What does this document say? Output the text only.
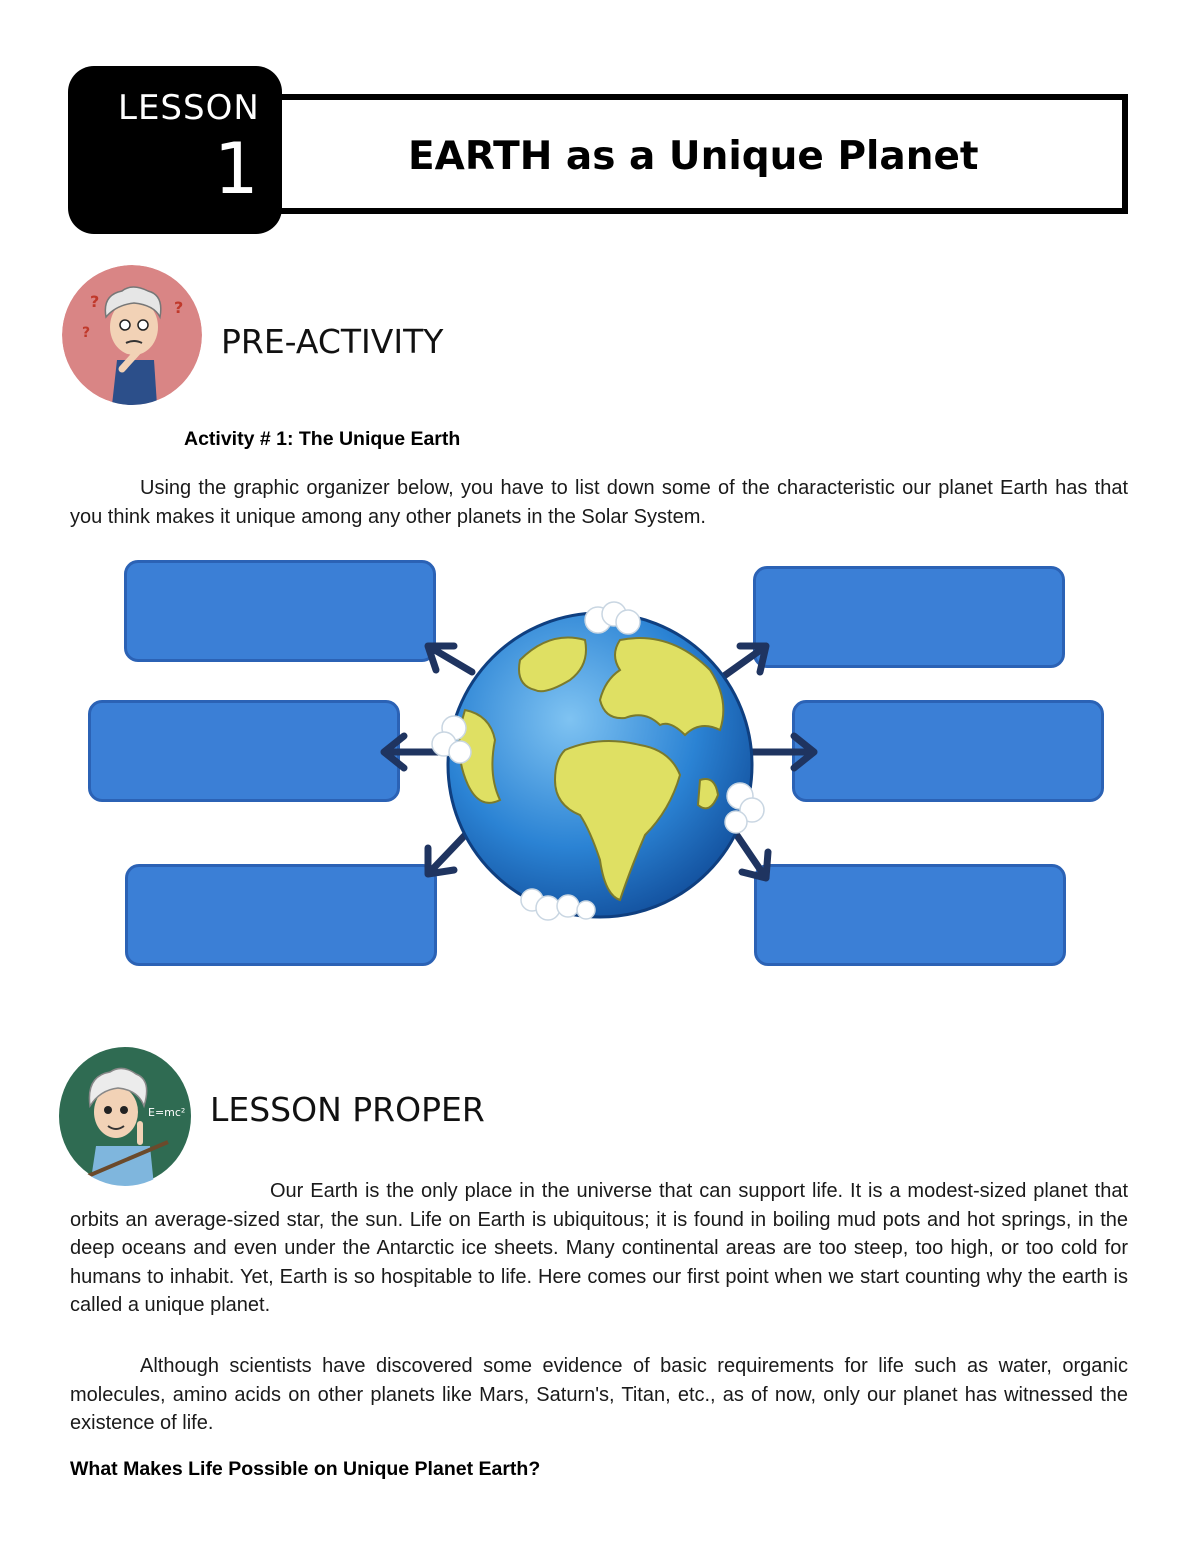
EARTH as a Unique Planet
LESSON
1
?	?
?	PRE-ACTIVITY
Activity # 1: The Unique Earth
Using the graphic organizer below, you have to list down some of the characteristic our planet Earth has that you think makes it unique among any other planets in the Solar System.
E=mc² LESSON PROPER
Our Earth is the only place in the universe that can support life. It is a modest-sized planet that orbits an average-sized star, the sun. Life on Earth is ubiquitous; it is found in boiling mud pots and hot springs, in the deep oceans and even under the Antarctic ice sheets. Many continental areas are too steep, too high, or too cold for humans to inhabit. Yet, Earth is so hospitable to life. Here comes our first point when we start counting why the earth is called a unique planet.
Although scientists have discovered some evidence of basic requirements for life such as water, organic molecules, amino acids on other planets like Mars, Saturn's, Titan, etc., as of now, only our planet has witnessed the existence of life.
What Makes Life Possible on Unique Planet Earth?
